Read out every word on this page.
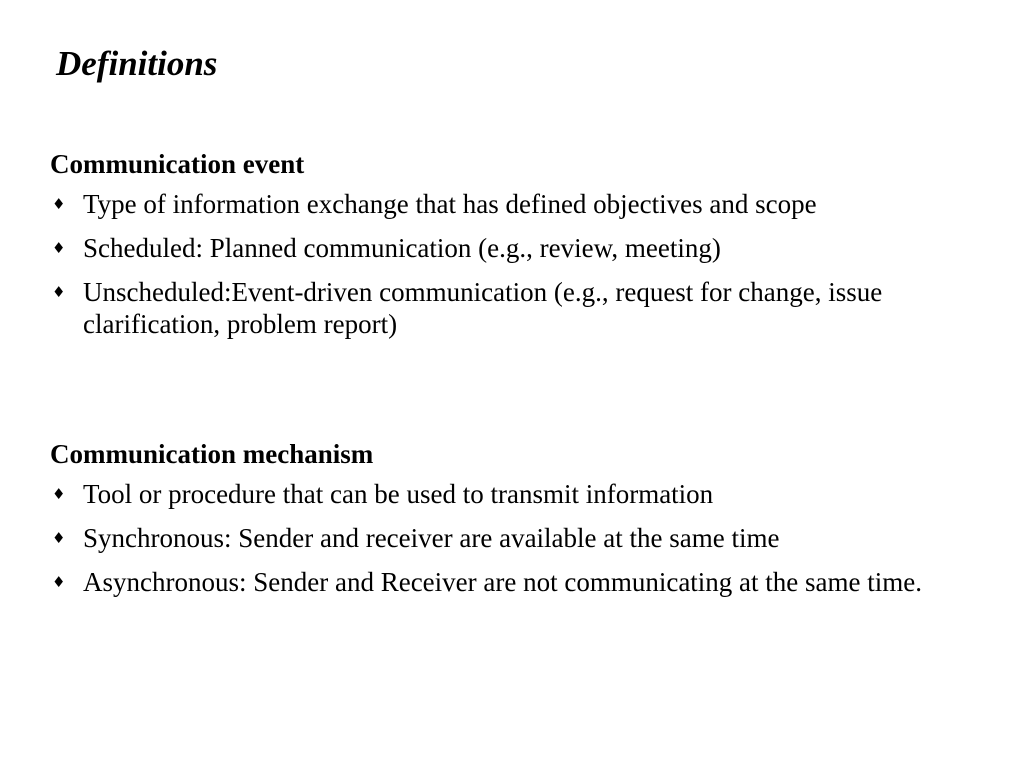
Definitions
Communication event
♦ Type of information exchange that has defined objectives and scope
♦ Scheduled: Planned communication (e.g., review, meeting)
♦ Unscheduled:Event-driven communication (e.g., request for change, issue clarification, problem report)
Communication mechanism
♦ Tool or procedure that can be used to transmit information
♦ Synchronous: Sender and receiver are available at the same time
♦ Asynchronous: Sender and Receiver are not communicating at the same time.
